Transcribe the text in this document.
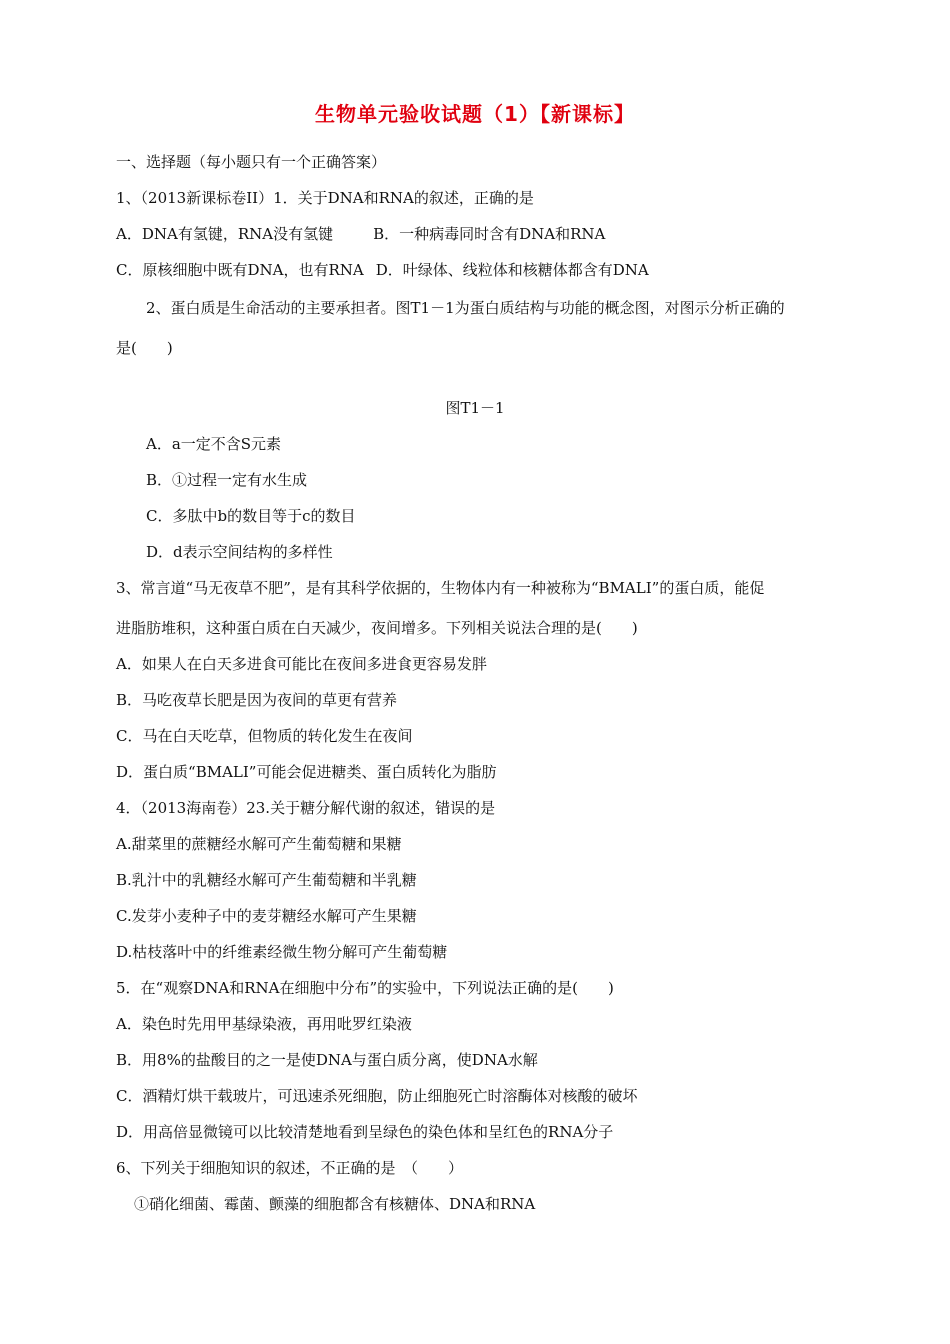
生物单元验收试题（1）【新课标】
一、选择题（每小题只有一个正确答案）
1、（2013新课标卷II）1．关于DNA和RNA的叙述，正确的是
A．DNA有氢键，RNA没有氢键	B．一种病毒同时含有DNA和RNA
C．原核细胞中既有DNA，也有RNA D．叶绿体、线粒体和核糖体都含有DNA
2、蛋白质是生命活动的主要承担者。图T1－1为蛋白质结构与功能的概念图，对图示分析正确的
是(　　)
图T1－1
A．a一定不含S元素
B．①过程一定有水生成
C．多肽中b的数目等于c的数目
D．d表示空间结构的多样性
3、常言道“马无夜草不肥”，是有其科学依据的，生物体内有一种被称为“BMALI”的蛋白质，能促
进脂肪堆积，这种蛋白质在白天减少，夜间增多。下列相关说法合理的是(　　)
A．如果人在白天多进食可能比在夜间多进食更容易发胖
B．马吃夜草长肥是因为夜间的草更有营养
C．马在白天吃草，但物质的转化发生在夜间
D．蛋白质“BMALI”可能会促进糖类、蛋白质转化为脂肪
4．（2013海南卷）23.关于糖分解代谢的叙述，错误的是
A.甜菜里的蔗糖经水解可产生葡萄糖和果糖
B.乳汁中的乳糖经水解可产生葡萄糖和半乳糖
C.发芽小麦种子中的麦芽糖经水解可产生果糖
D.枯枝落叶中的纤维素经微生物分解可产生葡萄糖
5．在“观察DNA和RNA在细胞中分布”的实验中，下列说法正确的是(　　)
A．染色时先用甲基绿染液，再用吡罗红染液
B．用8%的盐酸目的之一是使DNA与蛋白质分离，使DNA水解
C．酒精灯烘干载玻片，可迅速杀死细胞，防止细胞死亡时溶酶体对核酸的破坏
D．用高倍显微镜可以比较清楚地看到呈绿色的染色体和呈红色的RNA分子
6、下列关于细胞知识的叙述，不正确的是　（　　）
①硝化细菌、霉菌、颤藻的细胞都含有核糖体、DNA和RNA
